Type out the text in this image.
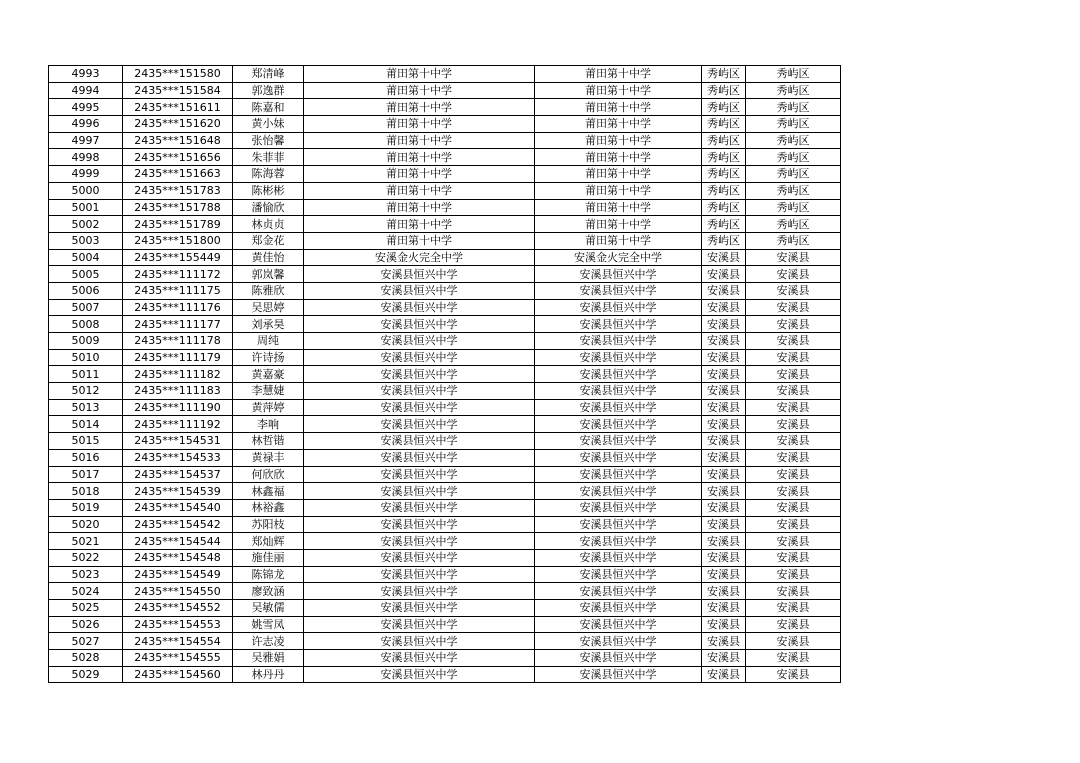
4993	2435***151580	郑清峰	莆田第十中学	莆田第十中学	秀屿区	秀屿区
4994	2435***151584	郭逸群	莆田第十中学	莆田第十中学	秀屿区	秀屿区
4995	2435***151611	陈嘉和	莆田第十中学	莆田第十中学	秀屿区	秀屿区
4996	2435***151620	黄小妹	莆田第十中学	莆田第十中学	秀屿区	秀屿区
4997	2435***151648	张怡馨	莆田第十中学	莆田第十中学	秀屿区	秀屿区
4998	2435***151656	朱菲菲	莆田第十中学	莆田第十中学	秀屿区	秀屿区
4999	2435***151663	陈海蓉	莆田第十中学	莆田第十中学	秀屿区	秀屿区
5000	2435***151783	陈彬彬	莆田第十中学	莆田第十中学	秀屿区	秀屿区
5001	2435***151788	潘愉欣	莆田第十中学	莆田第十中学	秀屿区	秀屿区
5002	2435***151789	林贞贞	莆田第十中学	莆田第十中学	秀屿区	秀屿区
5003	2435***151800	郑金花	莆田第十中学	莆田第十中学	秀屿区	秀屿区
5004	2435***155449	黄佳怡	安溪金火完全中学	安溪金火完全中学	安溪县	安溪县
5005	2435***111172	郭岚馨	安溪县恒兴中学	安溪县恒兴中学	安溪县	安溪县
5006	2435***111175	陈雅欣	安溪县恒兴中学	安溪县恒兴中学	安溪县	安溪县
5007	2435***111176	吴思婷	安溪县恒兴中学	安溪县恒兴中学	安溪县	安溪县
5008	2435***111177	刘承昊	安溪县恒兴中学	安溪县恒兴中学	安溪县	安溪县
5009	2435***111178	周纯	安溪县恒兴中学	安溪县恒兴中学	安溪县	安溪县
5010	2435***111179	许诗扬	安溪县恒兴中学	安溪县恒兴中学	安溪县	安溪县
5011	2435***111182	黄嘉豪	安溪县恒兴中学	安溪县恒兴中学	安溪县	安溪县
5012	2435***111183	李慧婕	安溪县恒兴中学	安溪县恒兴中学	安溪县	安溪县
5013	2435***111190	黄萍婷	安溪县恒兴中学	安溪县恒兴中学	安溪县	安溪县
5014	2435***111192	李响	安溪县恒兴中学	安溪县恒兴中学	安溪县	安溪县
5015	2435***154531	林哲锴	安溪县恒兴中学	安溪县恒兴中学	安溪县	安溪县
5016	2435***154533	黄禄丰	安溪县恒兴中学	安溪县恒兴中学	安溪县	安溪县
5017	2435***154537	何欣欣	安溪县恒兴中学	安溪县恒兴中学	安溪县	安溪县
5018	2435***154539	林鑫福	安溪县恒兴中学	安溪县恒兴中学	安溪县	安溪县
5019	2435***154540	林裕鑫	安溪县恒兴中学	安溪县恒兴中学	安溪县	安溪县
5020	2435***154542	苏阳枝	安溪县恒兴中学	安溪县恒兴中学	安溪县	安溪县
5021	2435***154544	郑灿辉	安溪县恒兴中学	安溪县恒兴中学	安溪县	安溪县
5022	2435***154548	施佳丽	安溪县恒兴中学	安溪县恒兴中学	安溪县	安溪县
5023	2435***154549	陈锦龙	安溪县恒兴中学	安溪县恒兴中学	安溪县	安溪县
5024	2435***154550	廖致涵	安溪县恒兴中学	安溪县恒兴中学	安溪县	安溪县
5025	2435***154552	吴敏儒	安溪县恒兴中学	安溪县恒兴中学	安溪县	安溪县
5026	2435***154553	姚雪凤	安溪县恒兴中学	安溪县恒兴中学	安溪县	安溪县
5027	2435***154554	许志凌	安溪县恒兴中学	安溪县恒兴中学	安溪县	安溪县
5028	2435***154555	吴雅娟	安溪县恒兴中学	安溪县恒兴中学	安溪县	安溪县
5029	2435***154560	林丹丹	安溪县恒兴中学	安溪县恒兴中学	安溪县	安溪县
